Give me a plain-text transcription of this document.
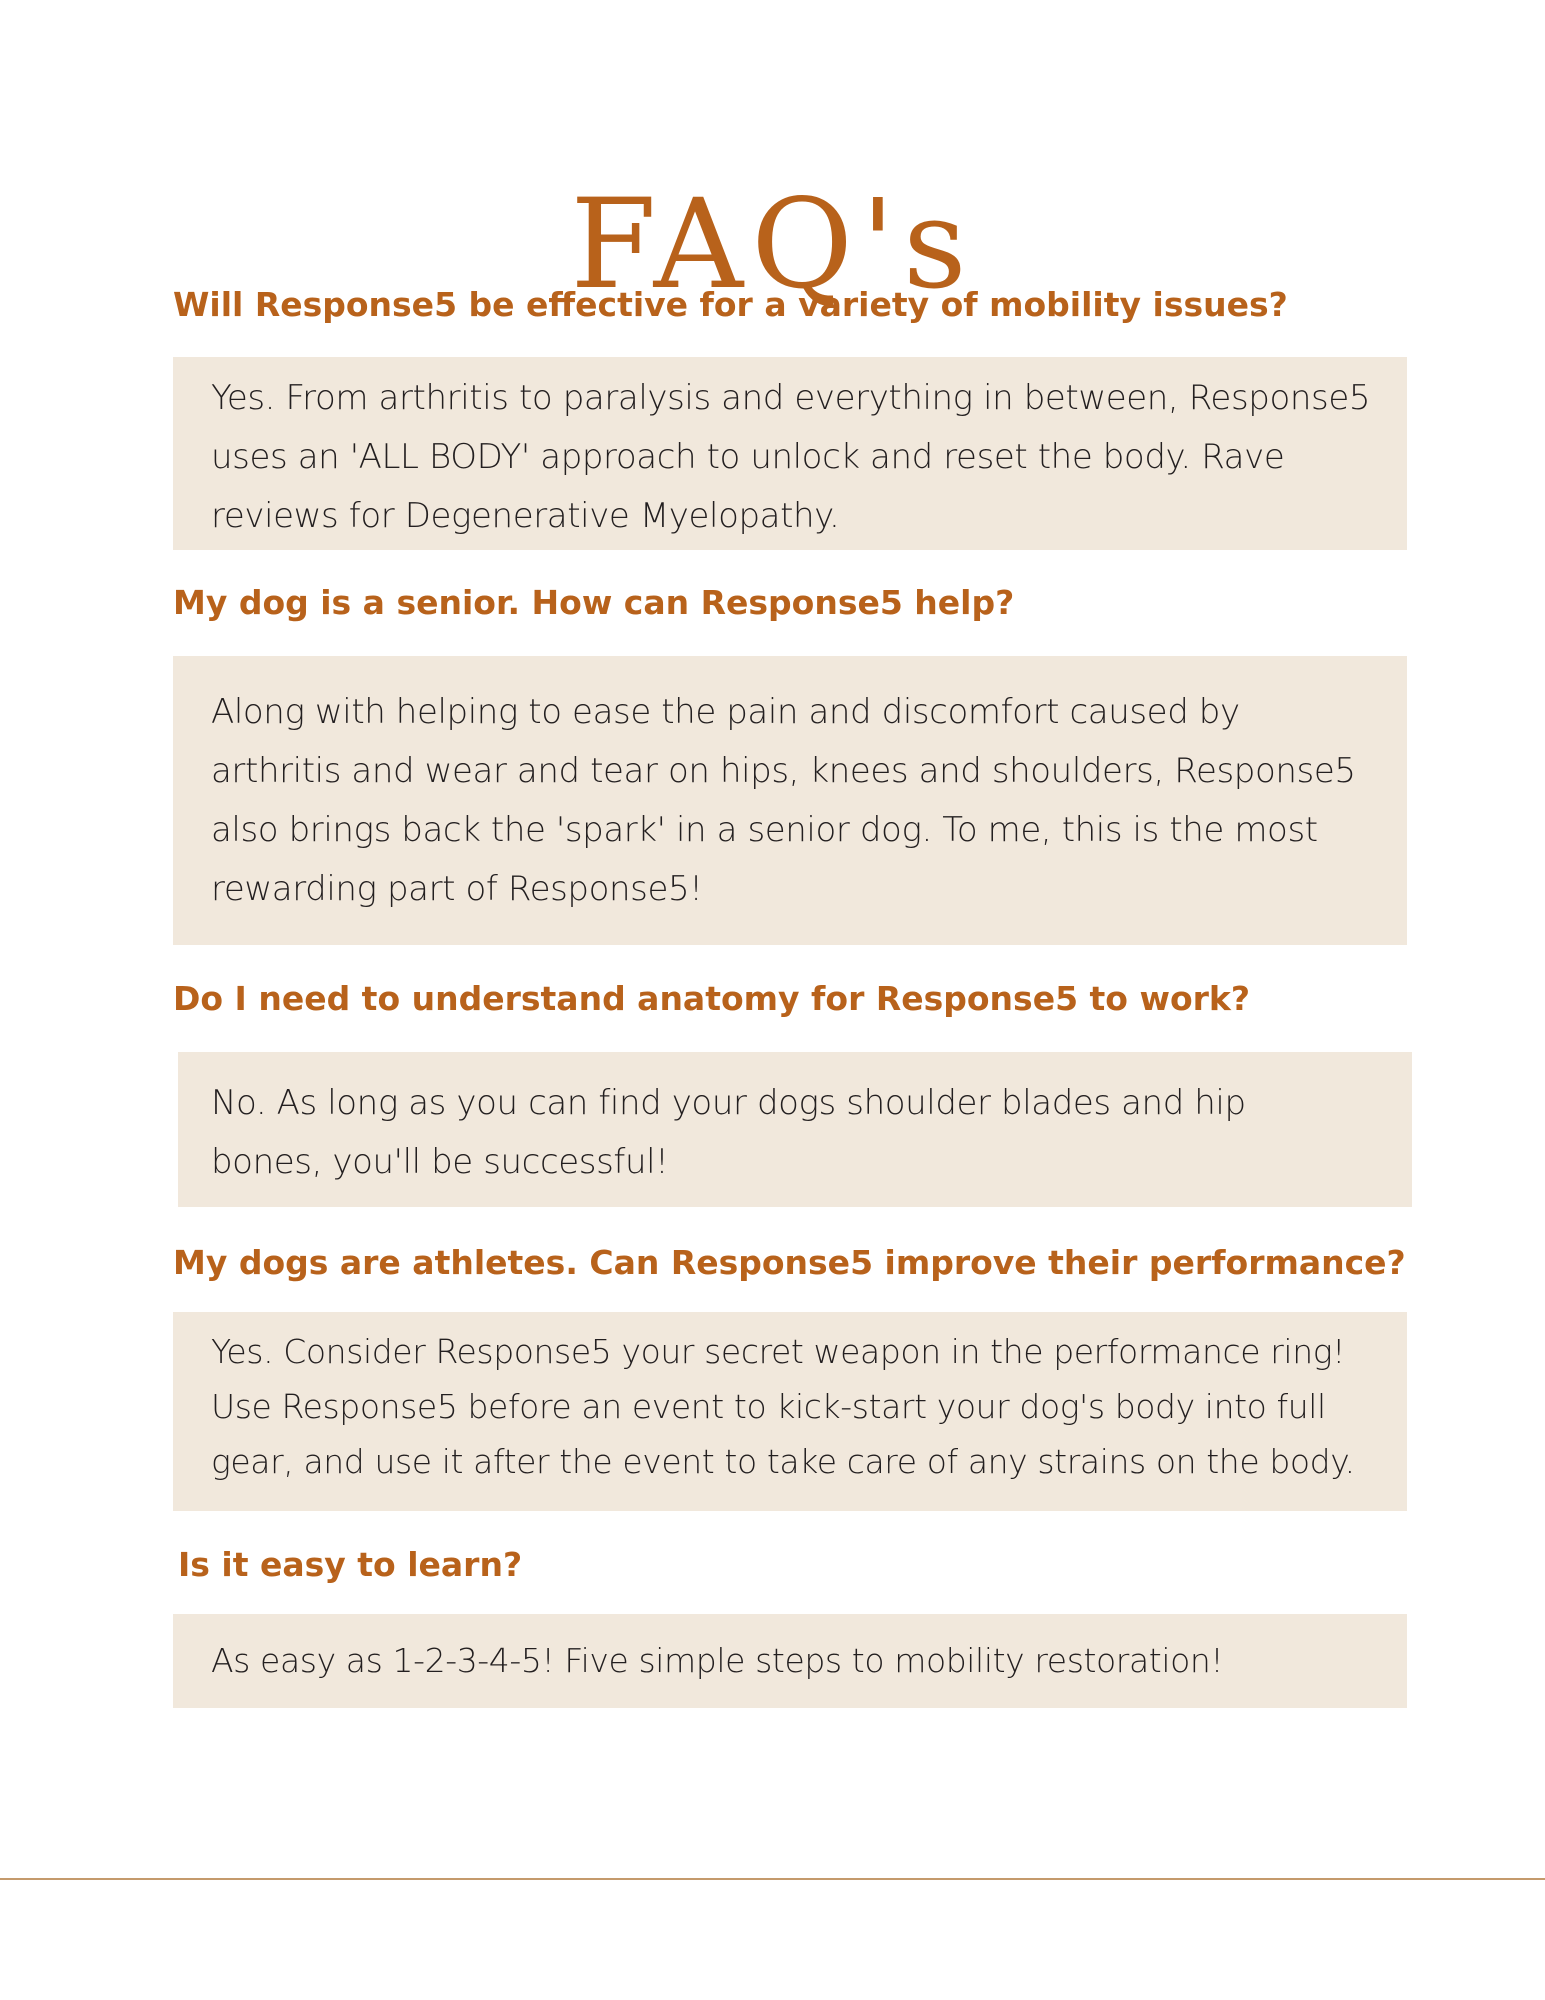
FAQ's
Will Response5 be effective for a variety of mobility issues?
Yes. From arthritis to paralysis and everything in between, Response5
uses an 'ALL BODY' approach to unlock and reset the body. Rave
reviews for Degenerative Myelopathy.
My dog is a senior. How can Response5 help?
Along with helping to ease the pain and discomfort caused by
arthritis and wear and tear on hips, knees and shoulders, Response5
also brings back the 'spark' in a senior dog. To me, this is the most
rewarding part of Response5!
Do I need to understand anatomy for Response5 to work?
No. As long as you can find your dogs shoulder blades and hip
bones, you'll be successful!
My dogs are athletes. Can Response5 improve their performance?
Yes. Consider Response5 your secret weapon in the performance ring!
Use Response5 before an event to kick-start your dog's body into full
gear, and use it after the event to take care of any strains on the body.
Is it easy to learn?
As easy as 1-2-3-4-5! Five simple steps to mobility restoration!
